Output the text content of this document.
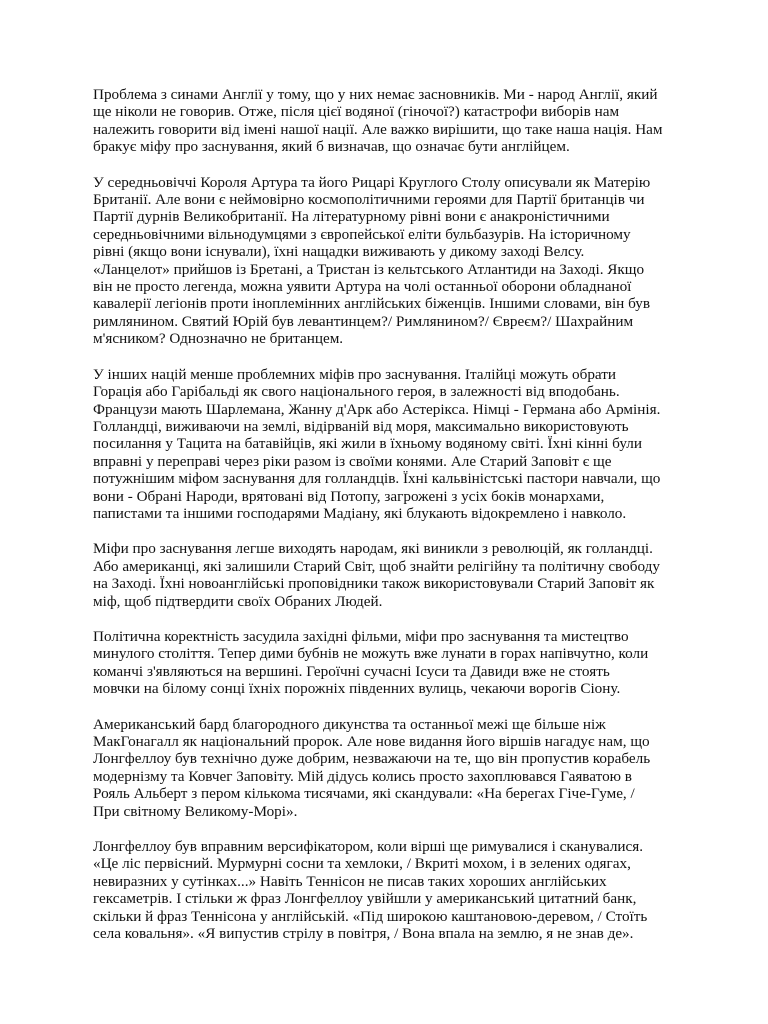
Проблема з синами Англії у тому, що у них немає засновників. Ми - народ Англії, який
ще ніколи не говорив. Отже, після цієї водяної (гіночої?) катастрофи виборів нам
належить говорити від імені нашої нації. Але важко вирішити, що таке наша нація. Нам
бракує міфу про заснування, який б визначав, що означає бути англійцем.

У середньовіччі Короля Артура та його Рицарі Круглого Столу описували як Матерію
Британії. Але вони є неймовірно космополітичними героями для Партії британців чи
Партії дурнів Великобританії. На літературному рівні вони є анакроністичними
середньовічними вільнодумцями з європейської еліти бульбазурів. На історичному
рівні (якщо вони існували), їхні нащадки виживають у дикому заході Велсу.
«Ланцелот» прийшов із Бретані, а Тристан із кельтського Атлантиди на Заході. Якщо
він не просто легенда, можна уявити Артура на чолі останньої оборони обладнаної
кавалерії легіонів проти іноплемінних англійських біженців. Іншими словами, він був
римлянином. Святий Юрій був левантинцем?/ Римлянином?/ Євреєм?/ Шахрайним
м'ясником? Однозначно не британцем.

У інших націй менше проблемних міфів про заснування. Італійці можуть обрати
Горація або Гарібальді як свого національного героя, в залежності від вподобань.
Французи мають Шарлемана, Жанну д'Арк або Астерікса. Німці - Германа або Армінія.
Голландці, виживаючи на землі, відірваній від моря, максимально використовують
посилання у Тацита на батавійців, які жили в їхньому водяному світі. Їхні кінні були
вправні у переправі через ріки разом із своїми конями. Але Старий Заповіт є ще
потужнішим міфом заснування для голландців. Їхні кальвіністські пастори навчали, що
вони - Обрані Народи, врятовані від Потопу, загрожені з усіх боків монархами,
папистами та іншими господарями Мадіану, які блукають відокремлено і навколо.

Міфи про заснування легше виходять народам, які виникли з революцій, як голландці.
Або американці, які залишили Старий Світ, щоб знайти релігійну та політичну свободу
на Заході. Їхні новоанглійські проповідники також використовували Старий Заповіт як
міф, щоб підтвердити своїх Обраних Людей.

Політична коректність засудила західні фільми, міфи про заснування та мистецтво
минулого століття. Тепер дими бубнів не можуть вже лунати в горах напівчутно, коли
команчі з'являються на вершині. Героїчні сучасні Ісуси та Давиди вже не стоять
мовчки на білому сонці їхніх порожніх південних вулиць, чекаючи ворогів Сіону.

Американський бард благородного дикунства та останньої межі ще більше ніж
МакГонагалл як національний пророк. Але нове видання його віршів нагадує нам, що
Лонгфеллоу був технічно дуже добрим, незважаючи на те, що він пропустив корабель
модернізму та Ковчег Заповіту. Мій дідусь колись просто захоплювався Гаяватою в
Рояль Альберт з пером кількома тисячами, які скандували: «На берегах Гіче-Гуме, /
При світному Великому-Морі».

Лонгфеллоу був вправним версифікатором, коли вірші ще римувалися і сканувалися.
«Це ліс первісний. Мурмурні сосни та хемлоки, / Вкриті мохом, і в зелених одягах,
невиразних у сутінках...» Навіть Теннісон не писав таких хороших англійських
гексаметрів. І стільки ж фраз Лонгфеллоу увійшли у американський цитатний банк,
скільки й фраз Теннісона у англійській. «Під широкою каштановою-деревом, / Стоїть
села ковальня». «Я випустив стрілу в повітря, / Вона впала на землю, я не знав де».
